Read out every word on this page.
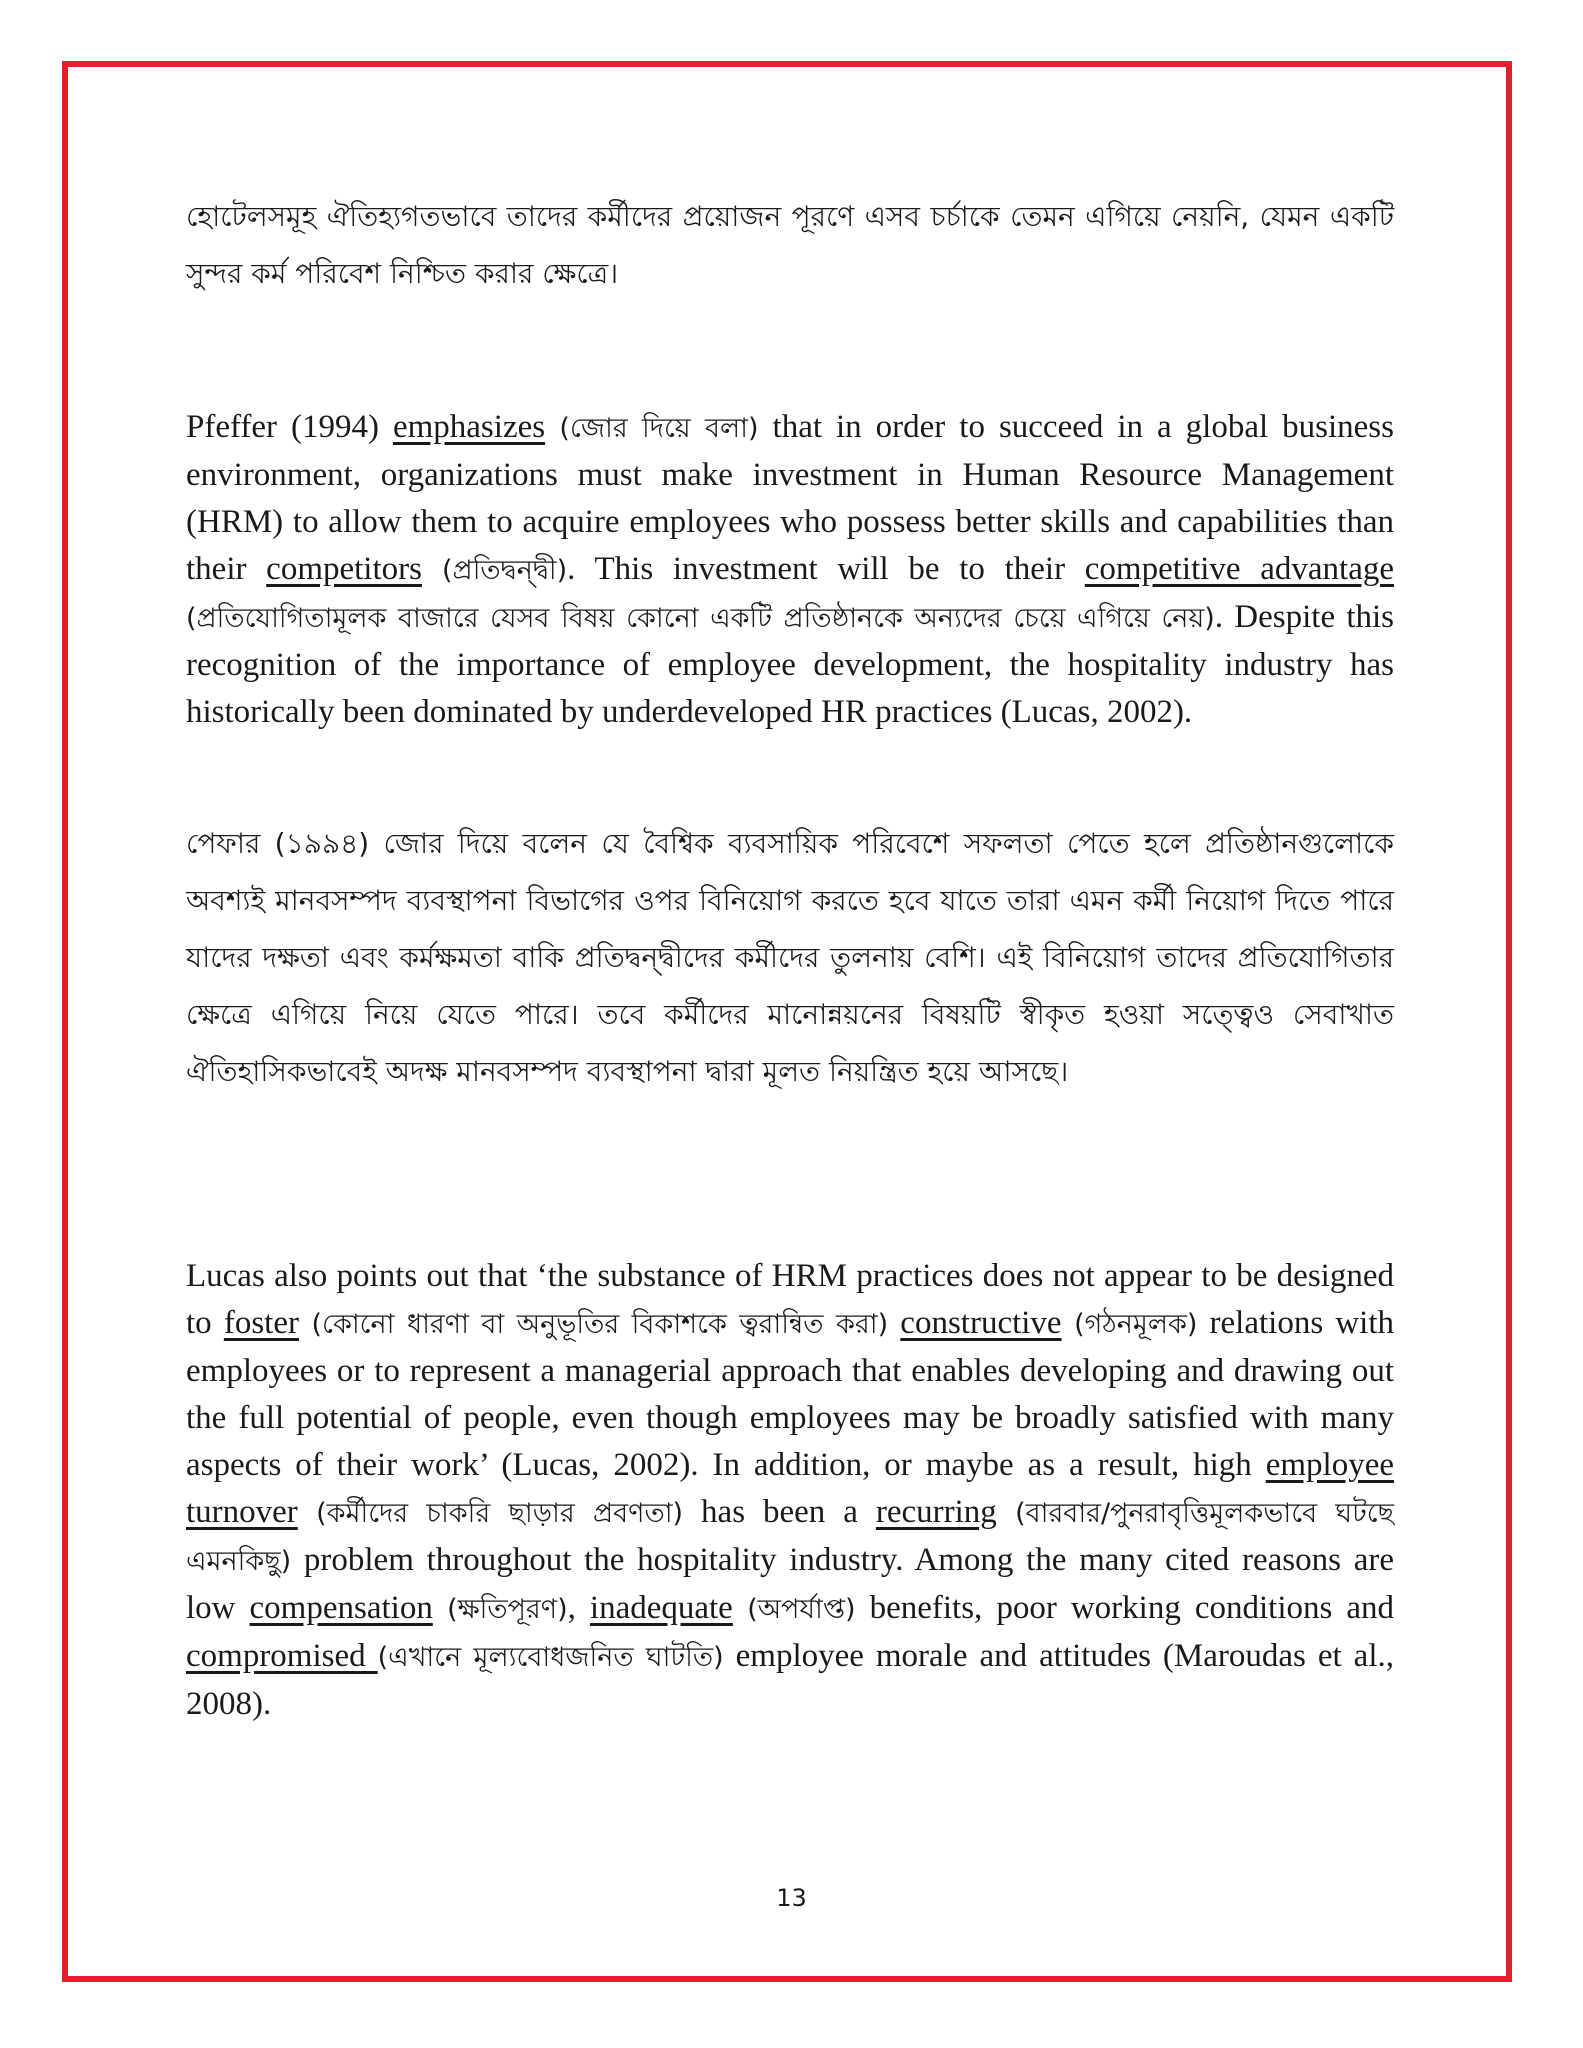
হোটেলসমূহ ঐতিহ্যগতভাবে তাদের কর্মীদের প্রয়োজন পূরণে এসব চর্চাকে তেমন এগিয়ে নেয়নি, যেমন একটি সুন্দর কর্ম পরিবেশ নিশ্চিত করার ক্ষেত্রে।

Pfeffer (1994) emphasizes (জোর দিয়ে বলা) that in order to succeed in a global business environment, organizations must make investment in Human Resource Management (HRM) to allow them to acquire employees who possess better skills and capabilities than their competitors (প্রতিদ্বন্দ্বী). This investment will be to their competitive advantage (প্রতিযোগিতামূলক বাজারে যেসব বিষয় কোনো একটি প্রতিষ্ঠানকে অন্যদের চেয়ে এগিয়ে নেয়). Despite this recognition of the importance of employee development, the hospitality industry has historically been dominated by underdeveloped HR practices (Lucas, 2002).

পেফার (১৯৯৪) জোর দিয়ে বলেন যে বৈশ্বিক ব্যবসায়িক পরিবেশে সফলতা পেতে হলে প্রতিষ্ঠানগুলোকে অবশ্যই মানবসম্পদ ব্যবস্থাপনা বিভাগের ওপর বিনিয়োগ করতে হবে যাতে তারা এমন কর্মী নিয়োগ দিতে পারে যাদের দক্ষতা এবং কর্মক্ষমতা বাকি প্রতিদ্বন্দ্বীদের কর্মীদের তুলনায় বেশি। এই বিনিয়োগ তাদের প্রতিযোগিতার ক্ষেত্রে এগিয়ে নিয়ে যেতে পারে। তবে কর্মীদের মানোন্নয়নের বিষয়টি স্বীকৃত হওয়া সত্ত্বেও সেবাখাত ঐতিহাসিকভাবেই অদক্ষ মানবসম্পদ ব্যবস্থাপনা দ্বারা মূলত নিয়ন্ত্রিত হয়ে আসছে।

Lucas also points out that ‘the substance of HRM practices does not appear to be designed to foster (কোনো ধারণা বা অনুভূতির বিকাশকে ত্বরান্বিত করা) constructive (গঠনমূলক) relations with employees or to represent a managerial approach that enables developing and drawing out the full potential of people, even though employees may be broadly satisfied with many aspects of their work’ (Lucas, 2002). In addition, or maybe as a result, high employee turnover (কর্মীদের চাকরি ছাড়ার প্রবণতা) has been a recurring (বারবার/পুনরাবৃত্তিমূলকভাবে ঘটছে এমনকিছু) problem throughout the hospitality industry. Among the many cited reasons are low compensation (ক্ষতিপূরণ), inadequate (অপর্যাপ্ত) benefits, poor working conditions and compromised (এখানে মূল্যবোধজনিত ঘাটতি) employee morale and attitudes (Maroudas et al., 2008).

13
